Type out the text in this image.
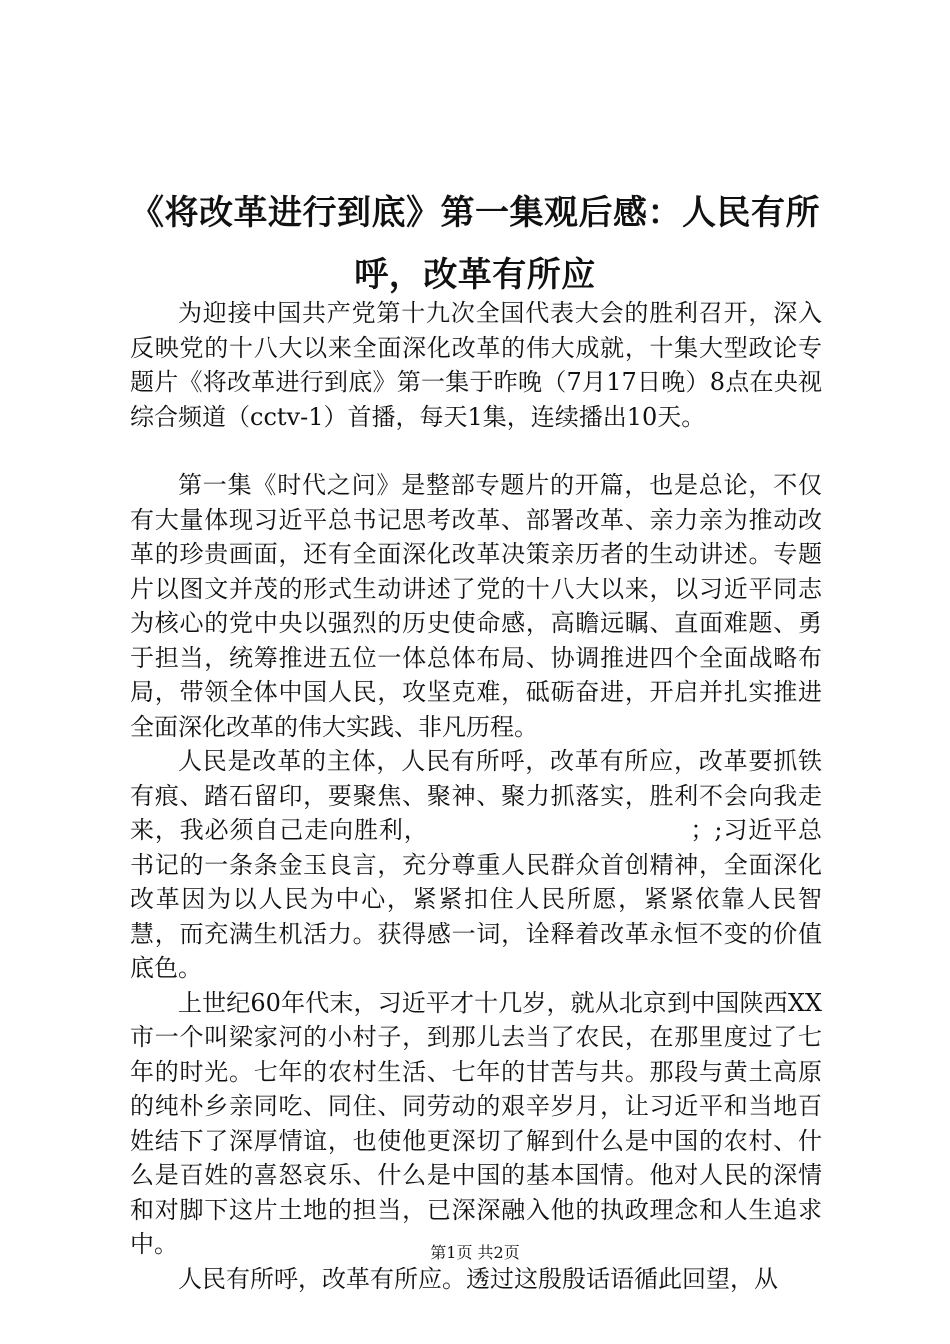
《将改革进行到底》第一集观后感：人民有所呼，改革有所应

为迎接中国共产党第十九次全国代表大会的胜利召开，深入反映党的十八大以来全面深化改革的伟大成就，十集大型政论专题片《将改革进行到底》第一集于昨晚（7月17日晚）8点在央视综合频道（cctv-1）首播，每天1集，连续播出10天。

第一集《时代之问》是整部专题片的开篇，也是总论，不仅有大量体现习近平总书记思考改革、部署改革、亲力亲为推动改革的珍贵画面，还有全面深化改革决策亲历者的生动讲述。专题片以图文并茂的形式生动讲述了党的十八大以来，以习近平同志为核心的党中央以强烈的历史使命感，高瞻远瞩、直面难题、勇于担当，统筹推进五位一体总体布局、协调推进四个全面战略布局，带领全体中国人民，攻坚克难，砥砺奋进，开启并扎实推进全面深化改革的伟大实践、非凡历程。

人民是改革的主体，人民有所呼，改革有所应，改革要抓铁有痕、踏石留印，要聚焦、聚神、聚力抓落实，胜利不会向我走来，我必须自己走向胜利，　　　　　　　　　　　；;习近平总书记的一条条金玉良言，充分尊重人民群众首创精神，全面深化改革因为以人民为中心，紧紧扣住人民所愿，紧紧依靠人民智慧，而充满生机活力。获得感一词，诠释着改革永恒不变的价值底色。

上世纪60年代末，习近平才十几岁，就从北京到中国陕西XX市一个叫梁家河的小村子，到那儿去当了农民，在那里度过了七年的时光。七年的农村生活、七年的甘苦与共。那段与黄土高原的纯朴乡亲同吃、同住、同劳动的艰辛岁月，让习近平和当地百姓结下了深厚情谊，也使他更深切了解到什么是中国的农村、什么是百姓的喜怒哀乐、什么是中国的基本国情。他对人民的深情和对脚下这片土地的担当，已深深融入他的执政理念和人生追求中。

人民有所呼，改革有所应。透过这殷殷话语循此回望，从

第1页 共2页
